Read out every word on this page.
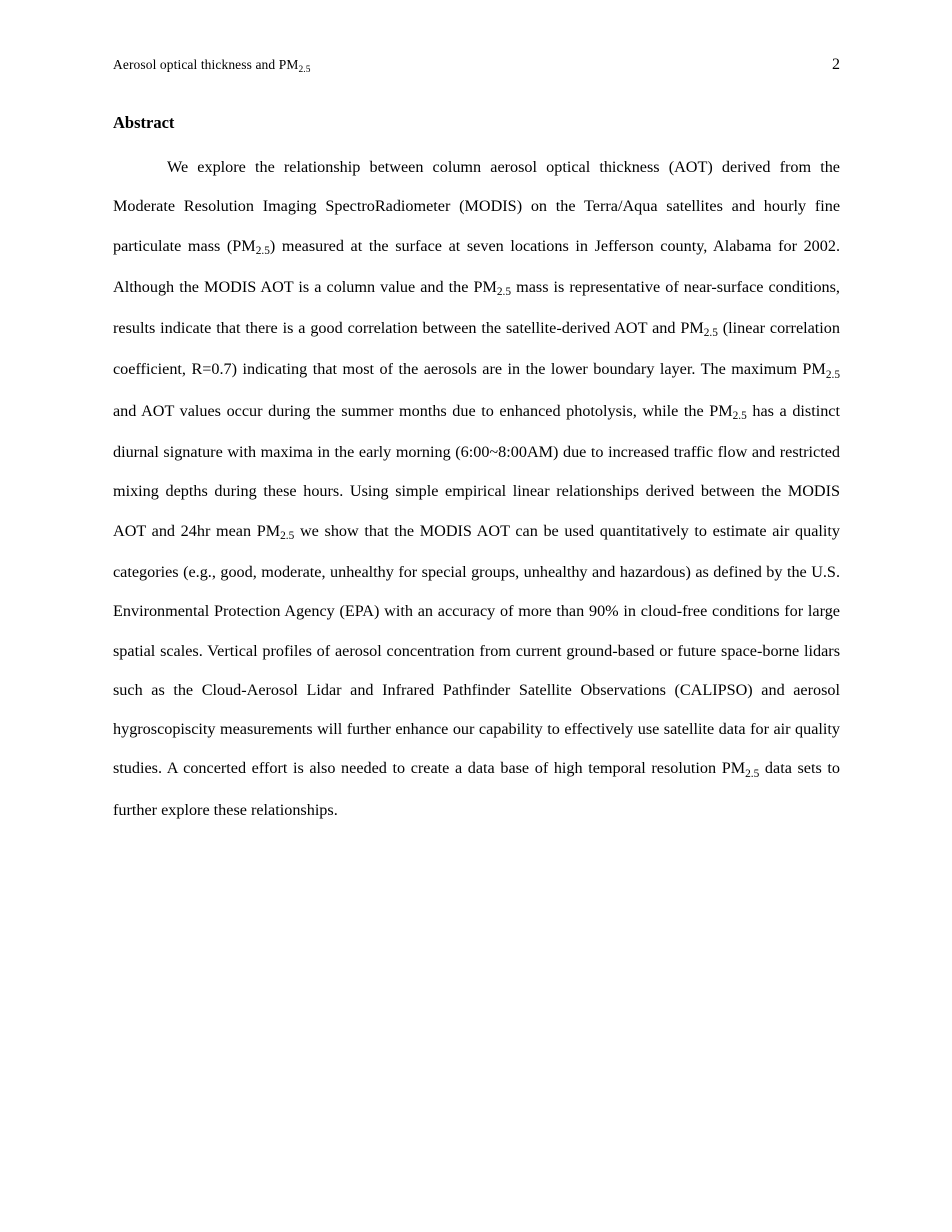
Aerosol optical thickness and $PM_{2.5}$	2
Abstract
We explore the relationship between column aerosol optical thickness (AOT) derived from the Moderate Resolution Imaging SpectroRadiometer (MODIS) on the Terra/Aqua satellites and hourly fine particulate mass $(PM_{2.5})$ measured at the surface at seven locations in Jefferson county, Alabama for 2002. Although the MODIS AOT is a column value and the $PM_{2.5}$ mass is representative of near-surface conditions, results indicate that there is a good correlation between the satellite-derived AOT and $PM_{2.5}$ (linear correlation coefficient, R=0.7) indicating that most of the aerosols are in the lower boundary layer. The maximum $PM_{2.5}$ and AOT values occur during the summer months due to enhanced photolysis, while the $PM_{2.5}$ has a distinct diurnal signature with maxima in the early morning (6:00~8:00AM) due to increased traffic flow and restricted mixing depths during these hours. Using simple empirical linear relationships derived between the MODIS AOT and 24hr mean $PM_{2.5}$ we show that the MODIS AOT can be used quantitatively to estimate air quality categories (e.g., good, moderate, unhealthy for special groups, unhealthy and hazardous) as defined by the U.S. Environmental Protection Agency (EPA) with an accuracy of more than 90% in cloud-free conditions for large spatial scales. Vertical profiles of aerosol concentration from current ground-based or future space-borne lidars such as the Cloud-Aerosol Lidar and Infrared Pathfinder Satellite Observations (CALIPSO) and aerosol hygroscopiscity measurements will further enhance our capability to effectively use satellite data for air quality studies. A concerted effort is also needed to create a data base of high temporal resolution $PM_{2.5}$ data sets to further explore these relationships.
